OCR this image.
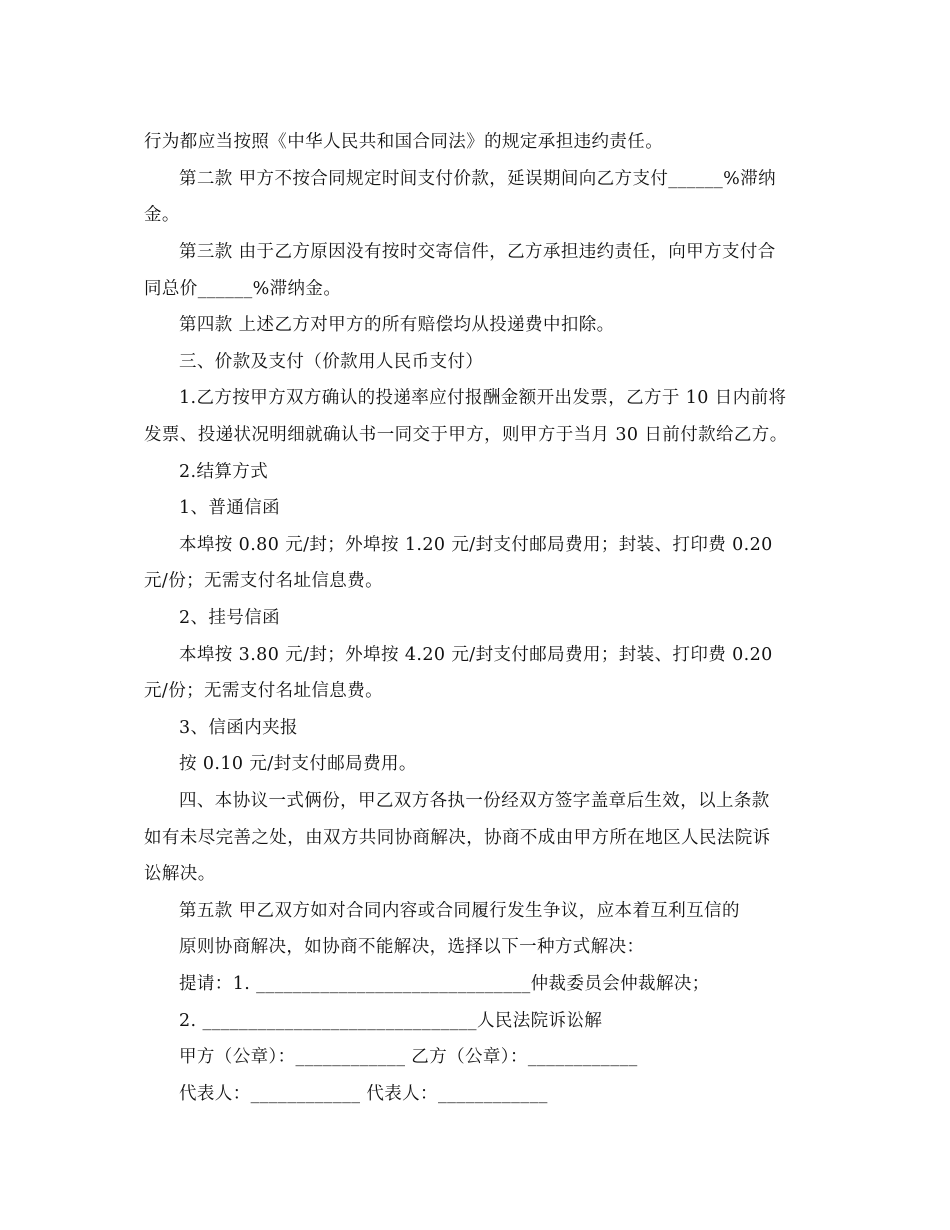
行为都应当按照《中华人民共和国合同法》的规定承担违约责任。
第二款 甲方不按合同规定时间支付价款，延误期间向乙方支付______%滞纳
金。
第三款 由于乙方原因没有按时交寄信件，乙方承担违约责任，向甲方支付合
同总价______%滞纳金。
第四款 上述乙方对甲方的所有赔偿均从投递费中扣除。
三、价款及支付（价款用人民币支付）
1.乙方按甲方双方确认的投递率应付报酬金额开出发票，乙方于 10 日内前将
发票、投递状况明细就确认书一同交于甲方，则甲方于当月 30 日前付款给乙方。
2.结算方式
1、普通信函
本埠按 0.80 元/封；外埠按 1.20 元/封支付邮局费用；封装、打印费 0.20
元/份；无需支付名址信息费。
2、挂号信函
本埠按 3.80 元/封；外埠按 4.20 元/封支付邮局费用；封装、打印费 0.20
元/份；无需支付名址信息费。
3、信函内夹报
按 0.10 元/封支付邮局费用。
四、本协议一式俩份，甲乙双方各执一份经双方签字盖章后生效，以上条款
如有未尽完善之处，由双方共同协商解决，协商不成由甲方所在地区人民法院诉
讼解决。
第五款 甲乙双方如对合同内容或合同履行发生争议，应本着互利互信的
原则协商解决，如协商不能解决，选择以下一种方式解决：
提请：1. ______________________________仲裁委员会仲裁解决；
2. ______________________________人民法院诉讼解
甲方（公章）：____________ 乙方（公章）：____________
代表人：____________ 代表人：____________
